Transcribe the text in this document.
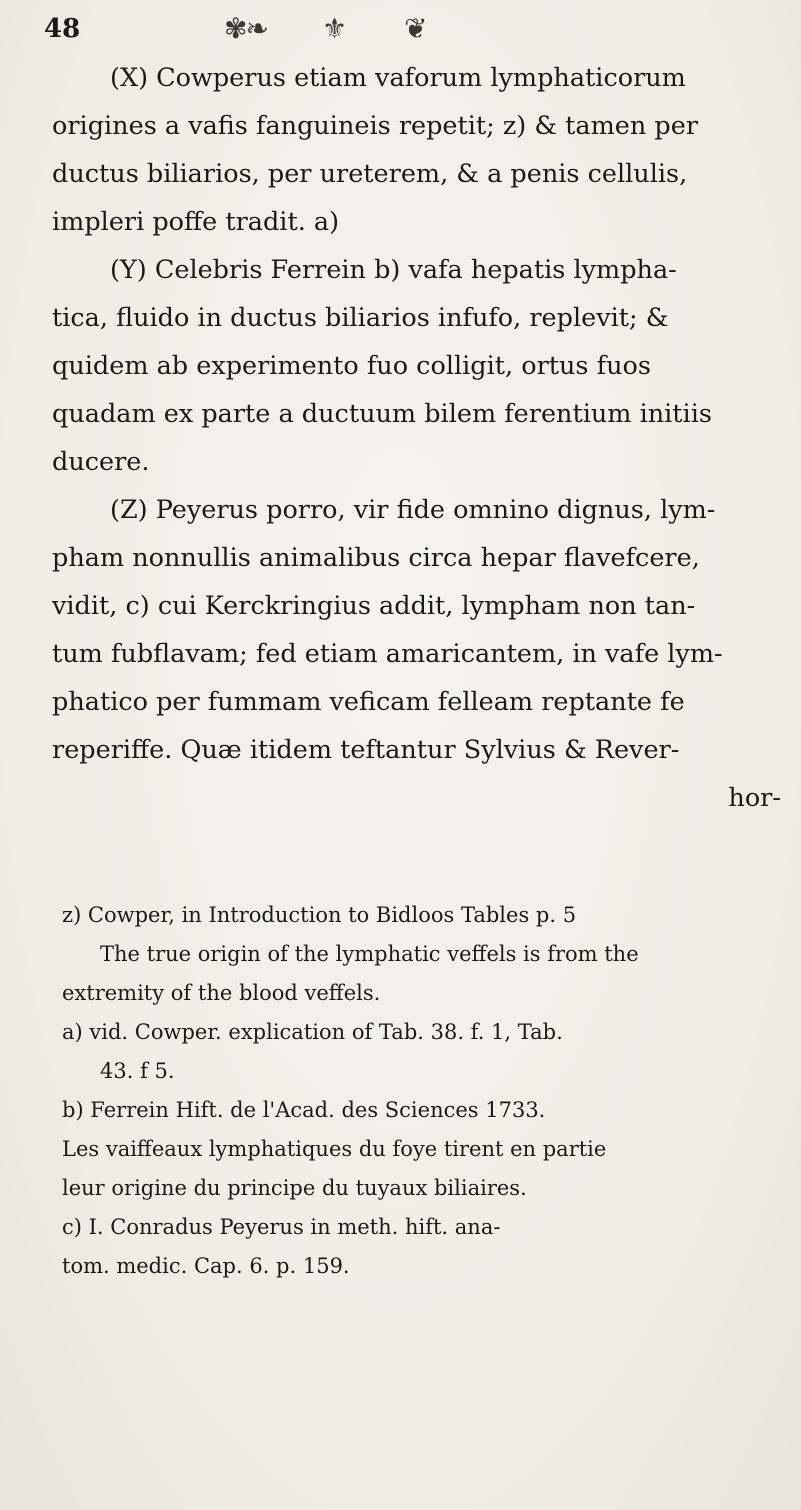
48	✾❧ ⚜ ❦
(X) Cowperus etiam vaforum lymphaticorum
origines a vafis fanguineis repetit; z) & tamen per
ductus biliarios, per ureterem, & a penis cellulis,
impleri poffe tradit. a)
(Y) Celebris Ferrein b) vafa hepatis lympha-
tica, fluido in ductus biliarios infufo, replevit; &
quidem ab experimento fuo colligit, ortus fuos
quadam ex parte a ductuum bilem ferentium initiis
ducere.
(Z) Peyerus porro, vir fide omnino dignus, lym-
pham nonnullis animalibus circa hepar flavefcere,
vidit, c) cui Kerckringius addit, lympham non tan-
tum fubflavam; fed etiam amaricantem, in vafe lym-
phatico per fummam veficam felleam reptante fe
reperiffe. Quæ itidem teftantur Sylvius & Rever-
hor-
z) Cowper, in Introduction to Bidloos Tables p. 5
The true origin of the lymphatic veffels is from the
extremity of the blood veffels.
a) vid. Cowper. explication of Tab. 38. f. 1, Tab.
43. f 5.
b) Ferrein Hift. de l'Acad. des Sciences 1733.
Les vaiffeaux lymphatiques du foye tirent en partie
leur origine du principe du tuyaux biliaires.
c) I. Conradus Peyerus in meth. hift. ana-
tom. medic. Cap. 6. p. 159.
